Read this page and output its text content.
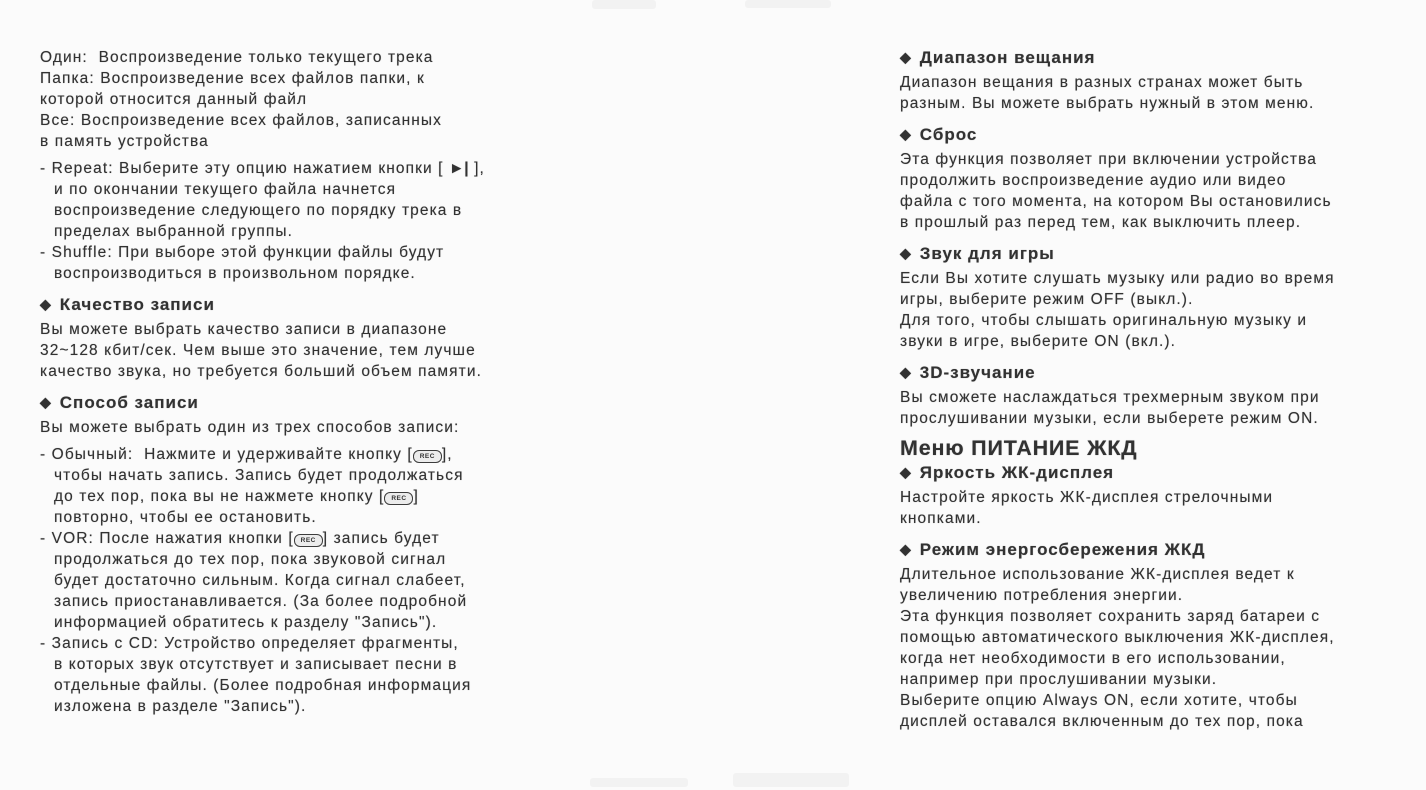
Один:  Воспроизведение только текущего трека
Папка: Воспроизведение всех файлов папки, к
которой относится данный файл
Все: Воспроизведение всех файлов, записанных
в память устройства
- Repeat: Выберите эту опцию нажатием кнопки [ ►| ],
и по окончании текущего файла начнется
воспроизведение следующего по порядку трека в
пределах выбранной группы.
- Shuffle: При выборе этой функции файлы будут
воспроизводиться в произвольном порядке.
◆ Качество записи
Вы можете выбрать качество записи в диапазоне
32~128 кбит/сек. Чем выше это значение, тем лучше
качество звука, но требуется больший объем памяти.
◆ Способ записи
Вы можете выбрать один из трех способов записи:
- Обычный:  Нажмите и удерживайте кнопку [ REC ],
чтобы начать запись. Запись будет продолжаться
до тех пор, пока вы не нажмете кнопку [ REC ]
повторно, чтобы ее остановить.
- VOR: После нажатия кнопки [ REC ] запись будет
продолжаться до тех пор, пока звуковой сигнал
будет достаточно сильным. Когда сигнал слабеет,
запись приостанавливается. (За более подробной
информацией обратитесь к разделу "Запись").
- Запись с CD: Устройство определяет фрагменты,
в которых звук отсутствует и записывает песни в
отдельные файлы. (Более подробная информация
изложена в разделе "Запись").
◆ Диапазон вещания
Диапазон вещания в разных странах может быть
разным. Вы можете выбрать нужный в этом меню.
◆ Сброс
Эта функция позволяет при включении устройства
продолжить воспроизведение аудио или видео
файла с того момента, на котором Вы остановились
в прошлый раз перед тем, как выключить плеер.
◆ Звук для игры
Если Вы хотите слушать музыку или радио во время
игры, выберите режим OFF (выкл.).
Для того, чтобы слышать оригинальную музыку и
звуки в игре, выберите ON (вкл.).
◆ 3D-звучание
Вы сможете наслаждаться трехмерным звуком при
прослушивании музыки, если выберете режим ON.
Меню ПИТАНИЕ ЖКД
◆ Яркость ЖК-дисплея
Настройте яркость ЖК-дисплея стрелочными
кнопками.
◆ Режим энергосбережения ЖКД
Длительное использование ЖК-дисплея ведет к
увеличению потребления энергии.
Эта функция позволяет сохранить заряд батареи с
помощью автоматического выключения ЖК-дисплея,
когда нет необходимости в его использовании,
например при прослушивании музыки.
Выберите опцию Always ON, если хотите, чтобы
дисплей оставался включенным до тех пор, пока
